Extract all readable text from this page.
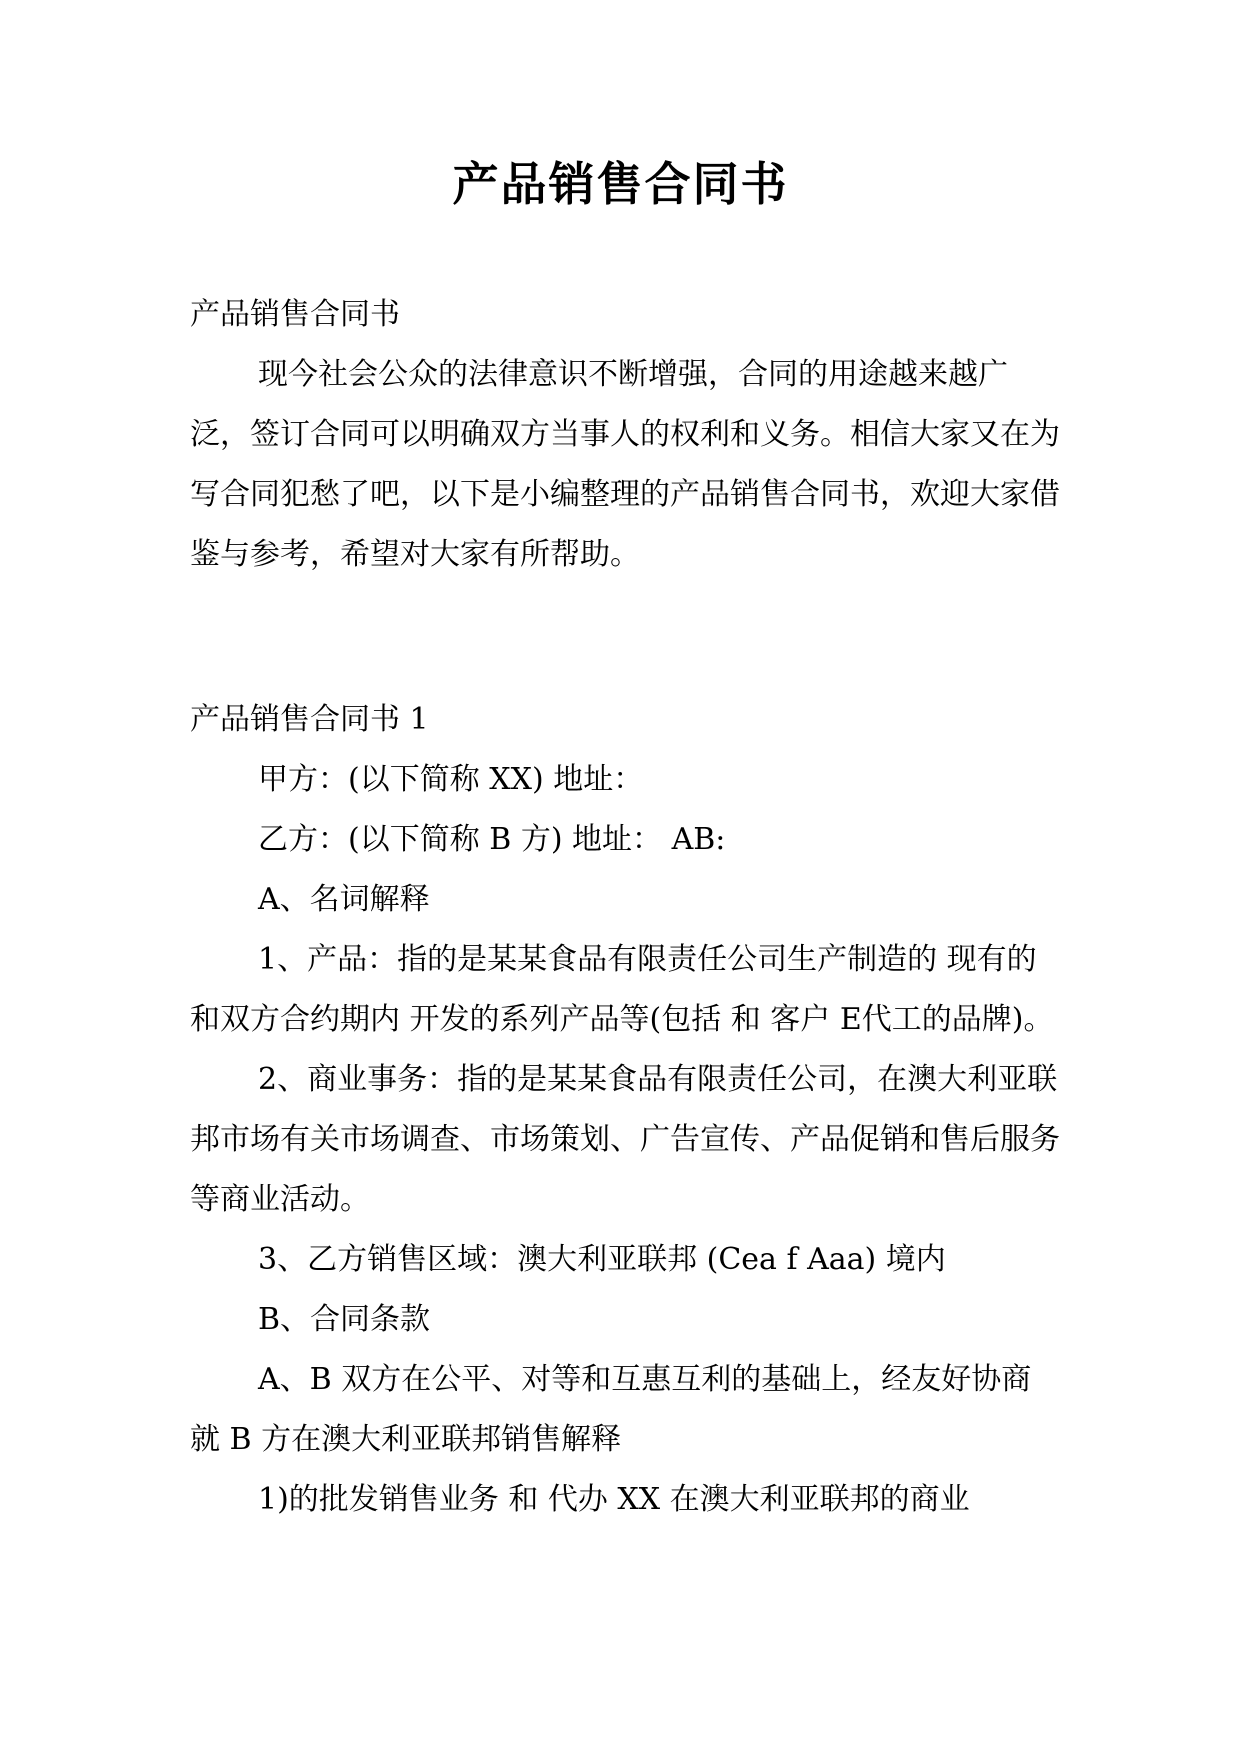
产品销售合同书

产品销售合同书

现今社会公众的法律意识不断增强，合同的用途越来越广泛，签订合同可以明确双方当事人的权利和义务。相信大家又在为写合同犯愁了吧，以下是小编整理的产品销售合同书，欢迎大家借鉴与参考，希望对大家有所帮助。

产品销售合同书 1

甲方：(以下简称 XX) 地址：

乙方：(以下简称 B 方) 地址： AB:

A、名词解释

1、产品：指的是某某食品有限责任公司生产制造的 现有的和双方合约期内 开发的系列产品等(包括 和 客户 E代工的品牌)。

2、商业事务：指的是某某食品有限责任公司，在澳大利亚联邦市场有关市场调查、市场策划、广告宣传、产品促销和售后服务等商业活动。

3、乙方销售区域：澳大利亚联邦 (Cea f Aaa) 境内

B、合同条款

A、B 双方在公平、对等和互惠互利的基础上，经友好协商就 B 方在澳大利亚联邦销售解释

1)的批发销售业务 和 代办 XX 在澳大利亚联邦的商业
